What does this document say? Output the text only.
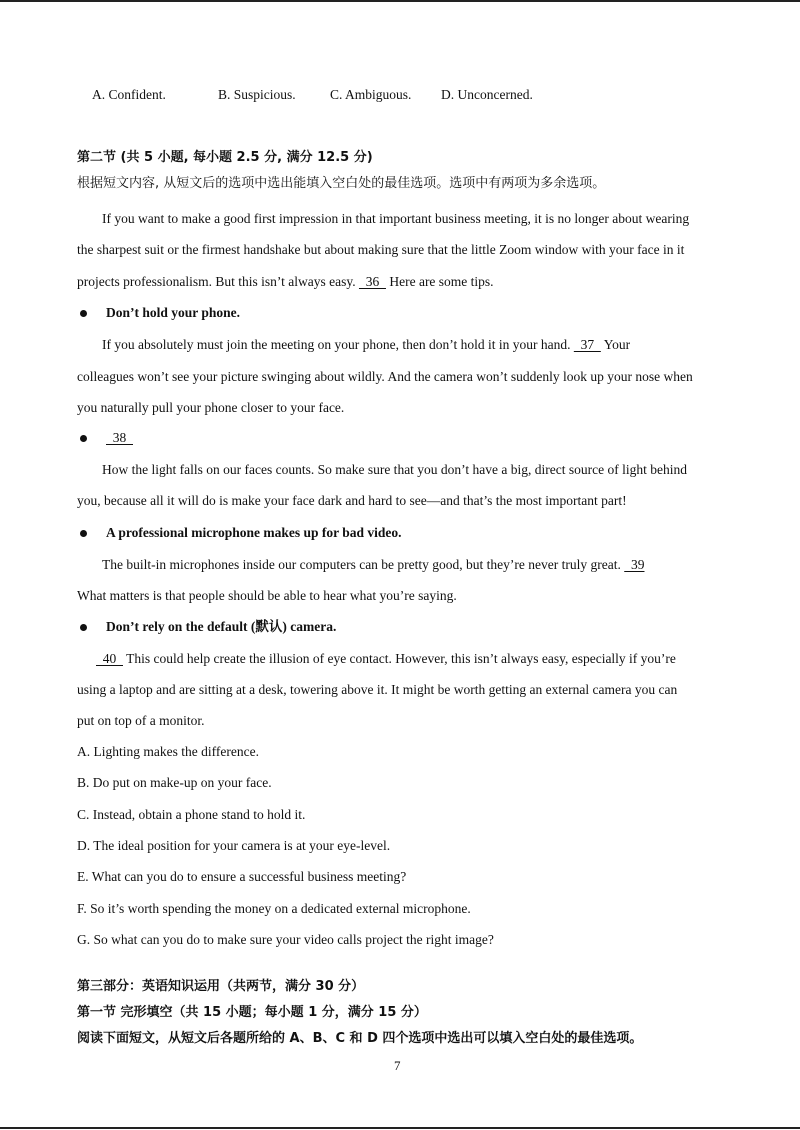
A. Confident.	B. Suspicious.	C. Ambiguous. D. Unconcerned.
第二节 (共 5 小题, 每小题 2.5 分, 满分 12.5 分)
根据短文内容, 从短文后的选项中选出能填入空白处的最佳选项。选项中有两项为多余选项。
If you want to make a good first impression in that important business meeting, it is no longer about wearing
the sharpest suit or the firmest handshake but about making sure that the little Zoom window with your face in it
projects professionalism. But this isn’t always easy.   36   Here are some tips.
Don’t hold your phone.
If you absolutely must join the meeting on your phone, then don’t hold it in your hand.   37   Your
colleagues won’t see your picture swinging about wildly. And the camera won’t suddenly look up your nose when
you naturally pull your phone closer to your face.
38
How the light falls on our faces counts. So make sure that you don’t have a big, direct source of light behind
you, because all it will do is make your face dark and hard to see—and that’s the most important part!
A professional microphone makes up for bad video.
The built-in microphones inside our computers can be pretty good, but they’re never truly great.   39
What matters is that people should be able to hear what you’re saying.
Don’t rely on the default (默认) camera.
40   This could help create the illusion of eye contact. However, this isn’t always easy, especially if you’re
using a laptop and are sitting at a desk, towering above it. It might be worth getting an external camera you can
put on top of a monitor.
A. Lighting makes the difference.
B. Do put on make-up on your face.
C. Instead, obtain a phone stand to hold it.
D. The ideal position for your camera is at your eye-level.
E. What can you do to ensure a successful business meeting?
F. So it’s worth spending the money on a dedicated external microphone.
G. So what can you do to make sure your video calls project the right image?
第三部分：英语知识运用（共两节，满分 30 分）
第一节 完形填空（共 15 小题；每小题 1 分，满分 15 分）
阅读下面短文，从短文后各题所给的 A、B、C 和 D 四个选项中选出可以填入空白处的最佳选项。
7
